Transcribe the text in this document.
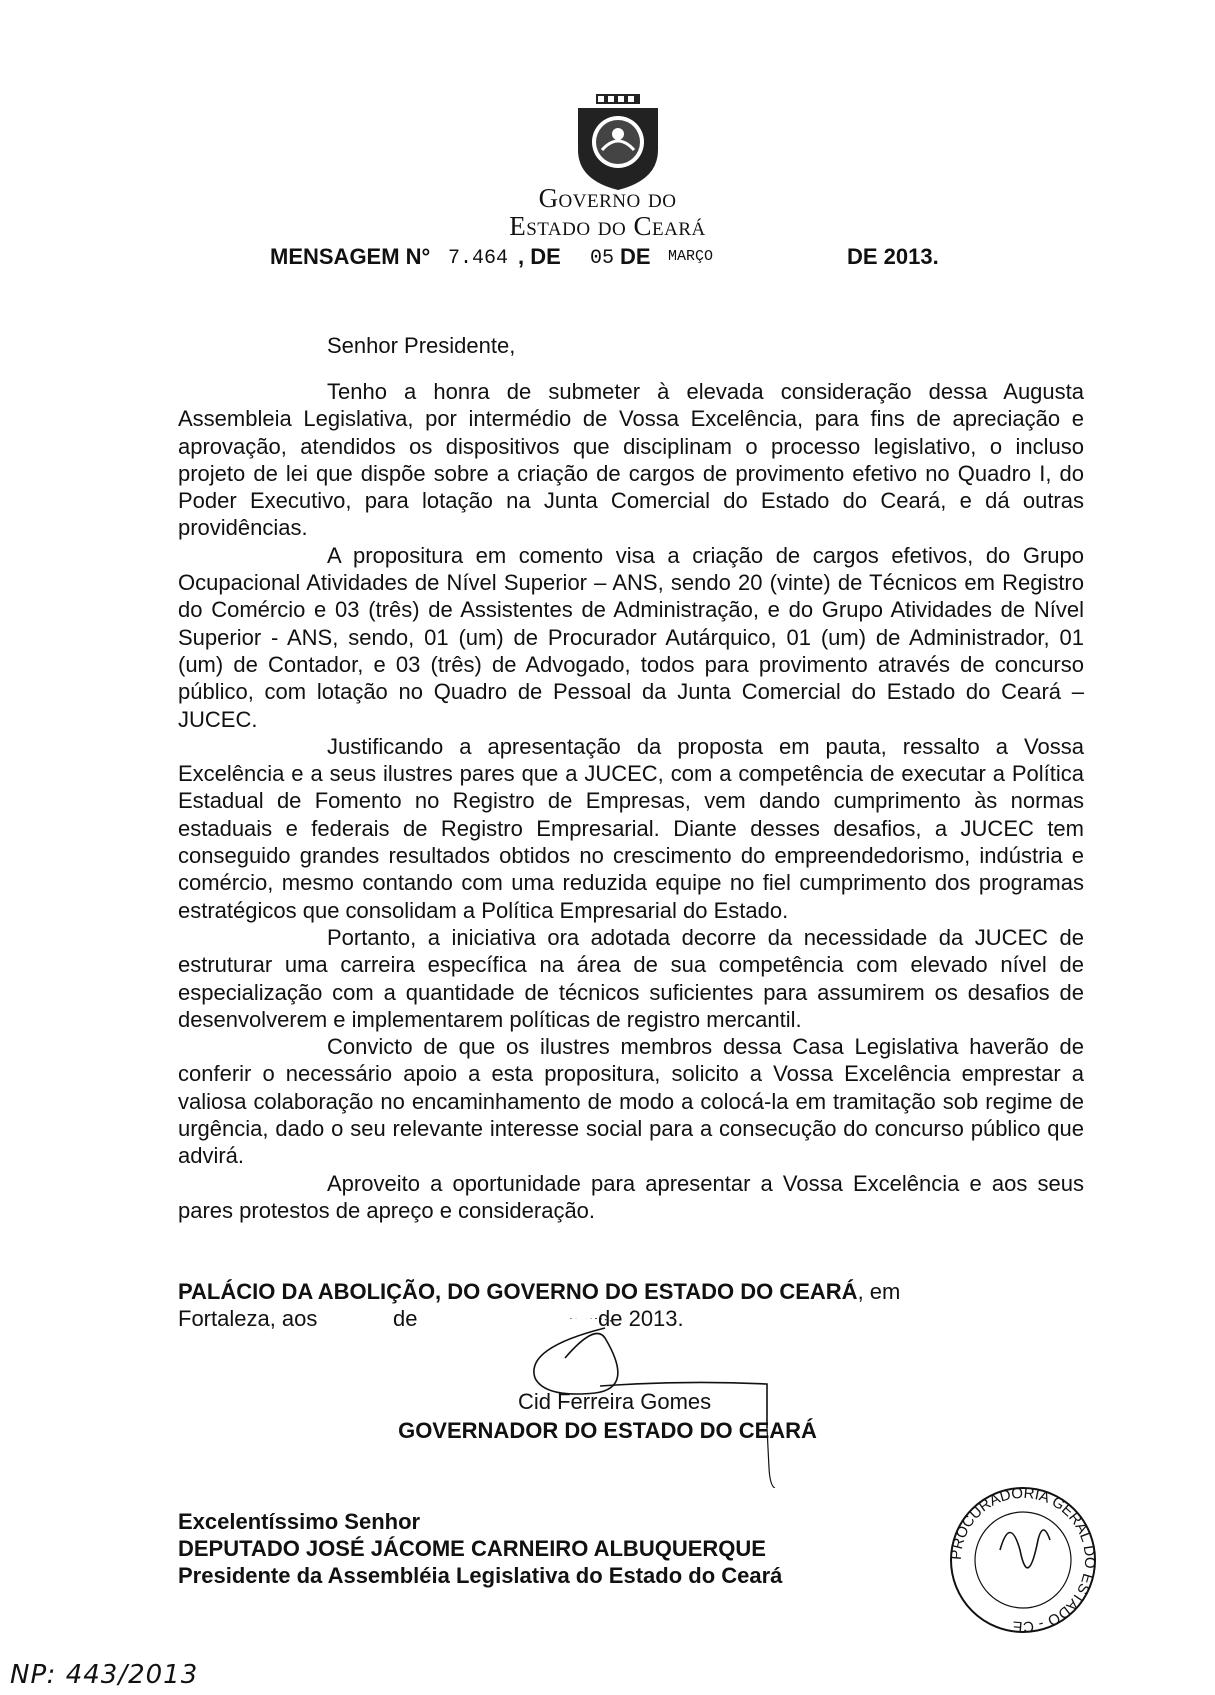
Governo do
Estado do Ceará
MENSAGEM N° 7.464 , DE 05 DE MARÇO	DE 2013.
Senhor Presidente,

Tenho a honra de submeter à elevada consideração dessa Augusta Assembleia Legislativa, por intermédio de Vossa Excelência, para fins de apreciação e aprovação, atendidos os dispositivos que disciplinam o processo legislativo, o incluso projeto de lei que dispõe sobre a criação de cargos de provimento efetivo no Quadro I, do Poder Executivo, para lotação na Junta Comercial do Estado do Ceará, e dá outras providências.

A propositura em comento visa a criação de cargos efetivos, do Grupo Ocupacional Atividades de Nível Superior – ANS, sendo 20 (vinte) de Técnicos em Registro do Comércio e 03 (três) de Assistentes de Administração, e do Grupo Atividades de Nível Superior - ANS, sendo, 01 (um) de Procurador Autárquico, 01 (um) de Administrador, 01 (um) de Contador, e 03 (três) de Advogado, todos para provimento através de concurso público, com lotação no Quadro de Pessoal da Junta Comercial do Estado do Ceará – JUCEC.

Justificando a apresentação da proposta em pauta, ressalto a Vossa Excelência e a seus ilustres pares que a JUCEC, com a competência de executar a Política Estadual de Fomento no Registro de Empresas, vem dando cumprimento às normas estaduais e federais de Registro Empresarial. Diante desses desafios, a JUCEC tem conseguido grandes resultados obtidos no crescimento do empreendedorismo, indústria e comércio, mesmo contando com uma reduzida equipe no fiel cumprimento dos programas estratégicos que consolidam a Política Empresarial do Estado.

Portanto, a iniciativa ora adotada decorre da necessidade da JUCEC de estruturar uma carreira específica na área de sua competência com elevado nível de especialização com a quantidade de técnicos suficientes para assumirem os desafios de desenvolverem e implementarem políticas de registro mercantil.

Convicto de que os ilustres membros dessa Casa Legislativa haverão de conferir o necessário apoio a esta propositura, solicito a Vossa Excelência emprestar a valiosa colaboração no encaminhamento de modo a colocá-la em tramitação sob regime de urgência, dado o seu relevante interesse social para a consecução do concurso público que advirá.

Aproveito a oportunidade para apresentar a Vossa Excelência e aos seus pares protestos de apreço e consideração.

PALÁCIO DA ABOLIÇÃO, DO GOVERNO DO ESTADO DO CEARÁ, em
Fortaleza, aos	de	de 2013.
Cid Ferreira Gomes
GOVERNADOR DO ESTADO DO CEARÁ
Excelentíssimo Senhor
DEPUTADO JOSÉ JÁCOME CARNEIRO ALBUQUERQUE
Presidente da Assembléia Legislativa do Estado do Ceará
PROCURADORIA GERAL DO ESTADO - CE
NP: 443/2013
